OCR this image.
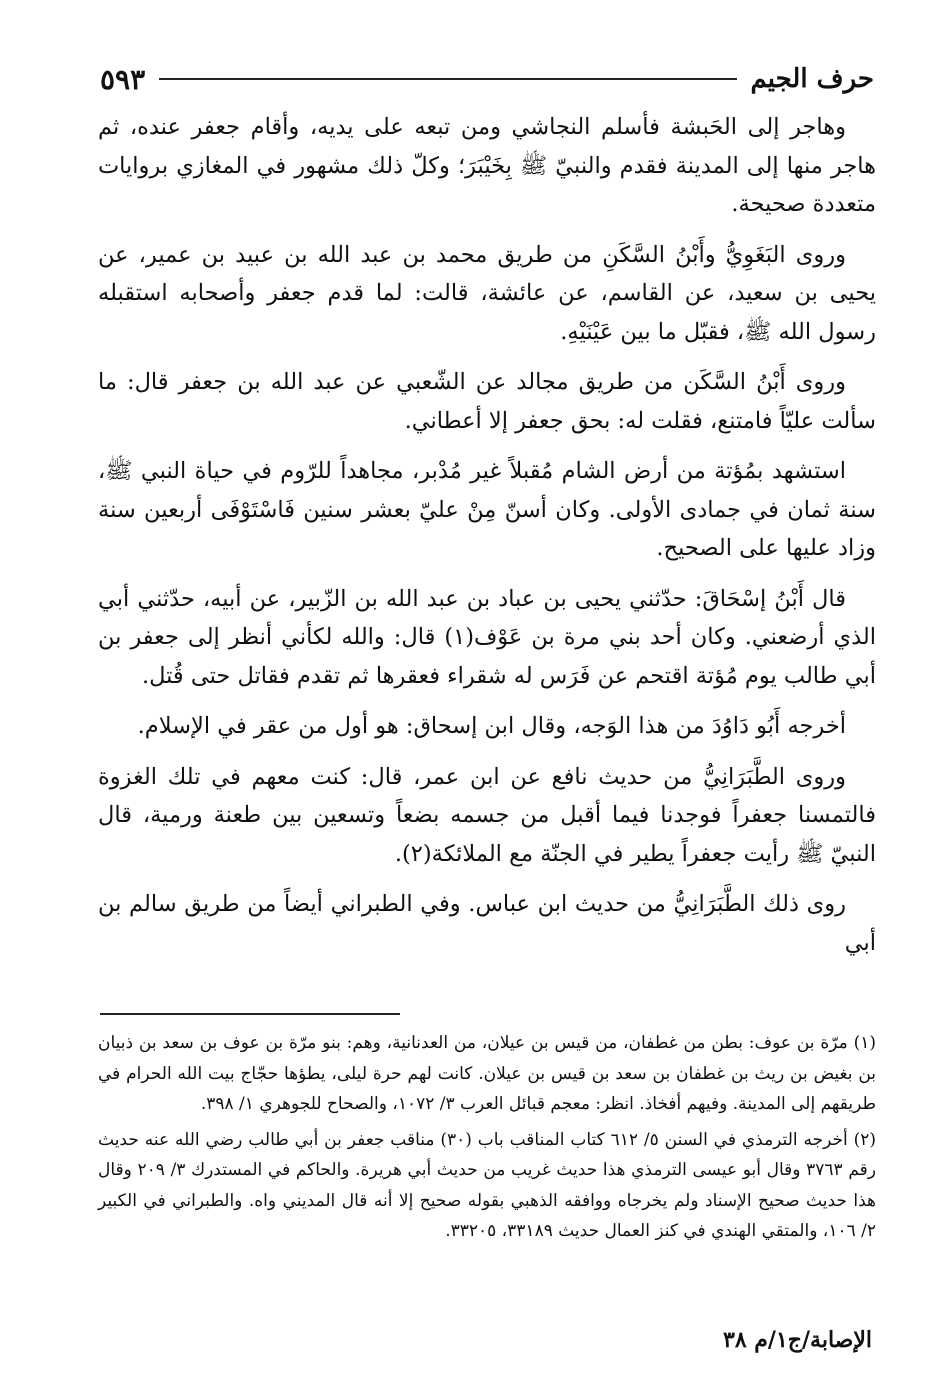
حرف الجيم
٥٩٣

وهاجر إلى الحَبشة فأسلم النجاشي ومن تبعه على يديه، وأقام جعفر عنده، ثم هاجر منها إلى المدينة فقدم والنبيّ ﷺ بِخَيْبَرَ؛ وكلّ ذلك مشهور في المغازي بروايات متعددة صحيحة.

وروى البَغَوِيُّ وأَبْنُ السَّكَنِ من طريق محمد بن عبد الله بن عبيد بن عمير، عن يحيى بن سعيد، عن القاسم، عن عائشة، قالت: لما قدم جعفر وأصحابه استقبله رسول الله ﷺ، فقبّل ما بين عَيْنَيْهِ.

وروى أَبْنُ السَّكَن من طريق مجالد عن الشّعبي عن عبد الله بن جعفر قال: ما سألت عليّاً فامتنع، فقلت له: بحق جعفر إلا أعطاني.

استشهد بمُؤتة من أرض الشام مُقبلاً غير مُدْبر، مجاهداً للرّوم في حياة النبي ﷺ، سنة ثمان في جمادى الأولى. وكان أسنّ مِنْ عليّ بعشر سنين فَاسْتَوْفَى أربعين سنة وزاد عليها على الصحيح.

قال أَبْنُ إسْحَاقَ: حدّثني يحيى بن عباد بن عبد الله بن الزّبير، عن أبيه، حدّثني أبي الذي أرضعني. وكان أحد بني مرة بن عَوْف(١) قال: والله لكأني أنظر إلى جعفر بن أبي طالب يوم مُؤتة اقتحم عن فَرَس له شقراء فعقرها ثم تقدم فقاتل حتى قُتل.

أخرجه أَبُو دَاوُدَ من هذا الوَجه، وقال ابن إسحاق: هو أول من عقر في الإسلام.

وروى الطَّبَرَانِيُّ من حديث نافع عن ابن عمر، قال: كنت معهم في تلك الغزوة فالتمسنا جعفراً فوجدنا فيما أقبل من جسمه بضعاً وتسعين بين طعنة ورمية، قال النبيّ ﷺ رأيت جعفراً يطير في الجنّة مع الملائكة(٢).

روى ذلك الطَّبَرَانِيُّ من حديث ابن عباس. وفي الطبراني أيضاً من طريق سالم بن أبي

(١) مرّة بن عوف: بطن من غطفان، من قيس بن عيلان، من العدنانية، وهم: بنو مرّة بن عوف بن سعد بن ذبيان بن بغيض بن ريث بن غطفان بن سعد بن قيس بن عيلان. كانت لهم حرة ليلى، يطؤها حجّاج بيت الله الحرام في طريقهم إلى المدينة. وفيهم أفخاذ. انظر: معجم قبائل العرب ٣/ ١٠٧٢، والصحاح للجوهري ١/ ٣٩٨.

(٢) أخرجه الترمذي في السنن ٥/ ٦١٢ كتاب المناقب باب (٣٠) مناقب جعفر بن أبي طالب رضي الله عنه حديث رقم ٣٧٦٣ وقال أبو عيسى الترمذي هذا حديث غريب من حديث أبي هريرة. والحاكم في المستدرك ٣/ ٢٠٩ وقال هذا حديث صحيح الإسناد ولم يخرجاه ووافقه الذهبي بقوله صحيح إلا أنه قال المديني واه. والطبراني في الكبير ٢/ ١٠٦، والمتقي الهندي في كنز العمال حديث ٣٣١٨٩، ٣٣٢٠٥.

الإصابة/ج١/م ٣٨
